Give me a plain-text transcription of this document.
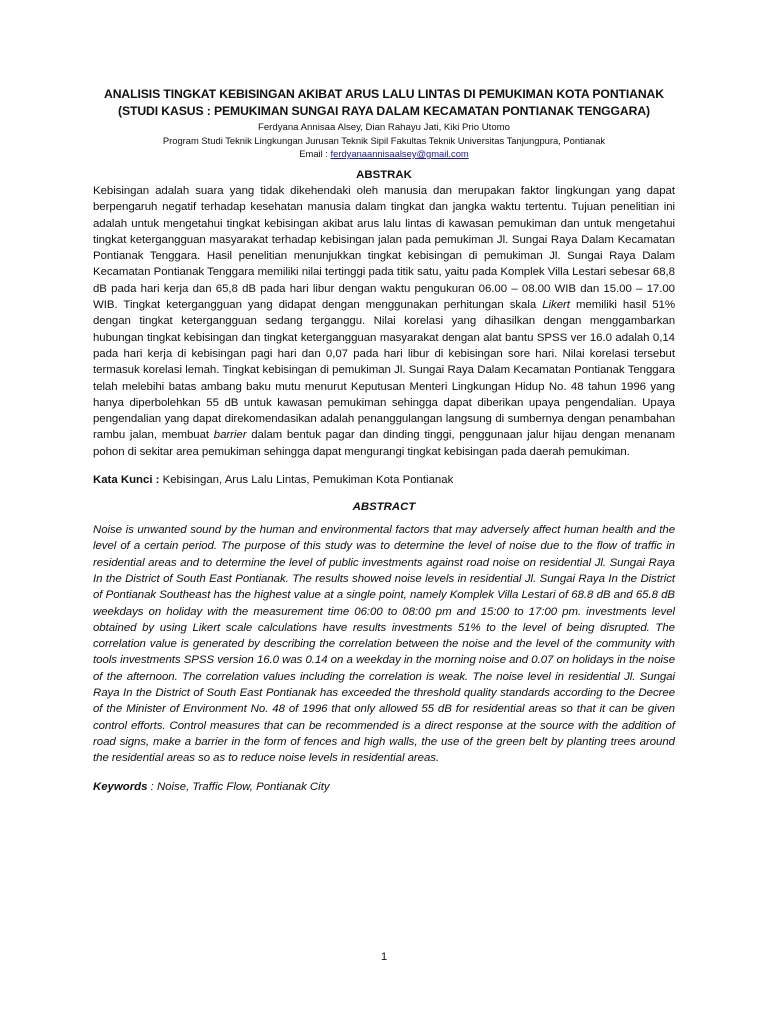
ANALISIS TINGKAT KEBISINGAN AKIBAT ARUS LALU LINTAS DI PEMUKIMAN KOTA PONTIANAK
(STUDI KASUS : PEMUKIMAN SUNGAI RAYA DALAM KECAMATAN PONTIANAK TENGGARA)
Ferdyana Annisaa Alsey, Dian Rahayu Jati, Kiki Prio Utomo
Program Studi Teknik Lingkungan Jurusan Teknik Sipil Fakultas Teknik Universitas Tanjungpura, Pontianak
Email : ferdyanaannisaalsey@gmail.com
ABSTRAK

Kebisingan adalah suara yang tidak dikehendaki oleh manusia dan merupakan faktor lingkungan yang dapat berpengaruh negatif terhadap kesehatan manusia dalam tingkat dan jangka waktu tertentu. Tujuan penelitian ini adalah untuk mengetahui tingkat kebisingan akibat arus lalu lintas di kawasan pemukiman dan untuk mengetahui tingkat ketergangguan masyarakat terhadap kebisingan jalan pada pemukiman Jl. Sungai Raya Dalam Kecamatan Pontianak Tenggara. Hasil penelitian menunjukkan tingkat kebisingan di pemukiman Jl. Sungai Raya Dalam Kecamatan Pontianak Tenggara memiliki nilai tertinggi pada titik satu, yaitu pada Komplek Villa Lestari sebesar 68,8 dB pada hari kerja dan 65,8 dB pada hari libur dengan waktu pengukuran 06.00 – 08.00 WIB dan 15.00 – 17.00 WIB. Tingkat ketergangguan yang didapat dengan menggunakan perhitungan skala Likert memiliki hasil 51% dengan tingkat ketergangguan sedang terganggu. Nilai korelasi yang dihasilkan dengan menggambarkan hubungan tingkat kebisingan dan tingkat ketergangguan masyarakat dengan alat bantu SPSS ver 16.0 adalah 0,14 pada hari kerja di kebisingan pagi hari dan 0,07 pada hari libur di kebisingan sore hari. Nilai korelasi tersebut termasuk korelasi lemah. Tingkat kebisingan di pemukiman Jl. Sungai Raya Dalam Kecamatan Pontianak Tenggara telah melebihi batas ambang baku mutu menurut Keputusan Menteri Lingkungan Hidup No. 48 tahun 1996 yang hanya diperbolehkan 55 dB untuk kawasan pemukiman sehingga dapat diberikan upaya pengendalian. Upaya pengendalian yang dapat direkomendasikan adalah penanggulangan langsung di sumbernya dengan penambahan rambu jalan, membuat barrier dalam bentuk pagar dan dinding tinggi, penggunaan jalur hijau dengan menanam pohon di sekitar area pemukiman sehingga dapat mengurangi tingkat kebisingan pada daerah pemukiman.

Kata Kunci : Kebisingan, Arus Lalu Lintas, Pemukiman Kota Pontianak
ABSTRACT

Noise is unwanted sound by the human and environmental factors that may adversely affect human health and the level of a certain period. The purpose of this study was to determine the level of noise due to the flow of traffic in residential areas and to determine the level of public investments against road noise on residential Jl. Sungai Raya In the District of South East Pontianak. The results showed noise levels in residential Jl. Sungai Raya In the District of Pontianak Southeast has the highest value at a single point, namely Komplek Villa Lestari of 68.8 dB and 65.8 dB weekdays on holiday with the measurement time 06:00 to 08:00 pm and 15:00 to 17:00 pm. investments level obtained by using Likert scale calculations have results investments 51% to the level of being disrupted. The correlation value is generated by describing the correlation between the noise and the level of the community with tools investments SPSS version 16.0 was 0.14 on a weekday in the morning noise and 0.07 on holidays in the noise of the afternoon. The correlation values including the correlation is weak. The noise level in residential Jl. Sungai Raya In the District of South East Pontianak has exceeded the threshold quality standards according to the Decree of the Minister of Environment No. 48 of 1996 that only allowed 55 dB for residential areas so that it can be given control efforts. Control measures that can be recommended is a direct response at the source with the addition of road signs, make a barrier in the form of fences and high walls, the use of the green belt by planting trees around the residential areas so as to reduce noise levels in residential areas.

Keywords : Noise, Traffic Flow, Pontianak City
1
